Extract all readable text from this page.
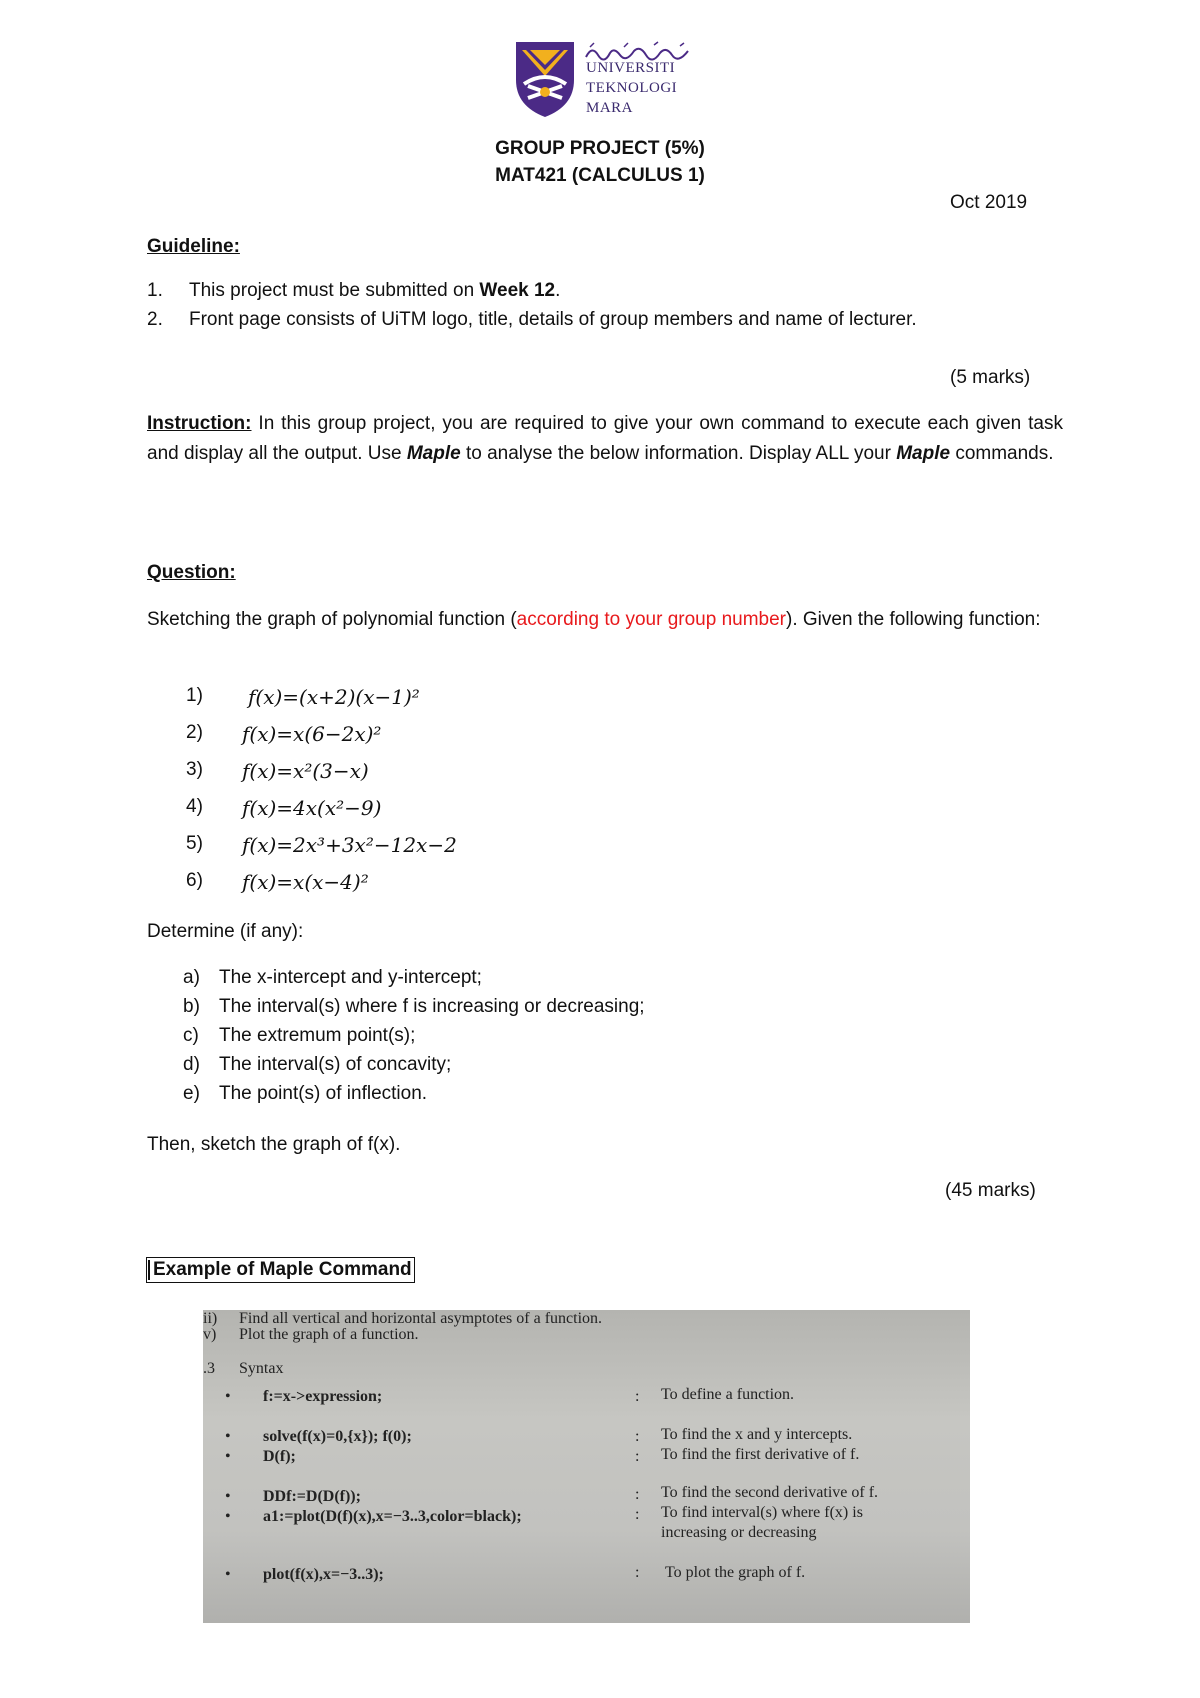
UNIVERSITI
TEKNOLOGI
MARA
GROUP PROJECT (5%)
MAT421 (CALCULUS 1)
Oct 2019
Guideline:
1. This project must be submitted on Week 12.
2. Front page consists of UiTM logo, title, details of group members and name of lecturer.
(5 marks)
Instruction: In this group project, you are required to give your own command to execute each given task and display all the output. Use Maple to analyse the below information. Display ALL your Maple commands.
Question:
Sketching the graph of polynomial function (according to your group number). Given the following function:
1)	f(x)=(x+2)(x−1)²
2)	f(x)=x(6−2x)²
3)	f(x)=x²(3−x)
4)	f(x)=4x(x²−9)
5)	f(x)=2x³+3x²−12x−2
6)	f(x)=x(x−4)²
Determine (if any):
a) The x-intercept and y-intercept;
b) The interval(s) where f is increasing or decreasing;
c) The extremum point(s);
d) The interval(s) of concavity;
e) The point(s) of inflection.
Then, sketch the graph of f(x).
(45 marks)
Example of Maple Command
ii) Find all vertical and horizontal asymptotes of a function.
v) Plot the graph of a function.
.3 Syntax
• f:=x->expression;	: To define a function.
• solve(f(x)=0,{x}); f(0);	: To find the x and y intercepts.
• D(f);	: To find the first derivative of f.
• DDf:=D(D(f));	: To find the second derivative of f.
• a1:=plot(D(f)(x),x=−3..3,color=black);	: To find interval(s) where f(x) is
increasing or decreasing
• plot(f(x),x=−3..3);	: To plot the graph of f.
